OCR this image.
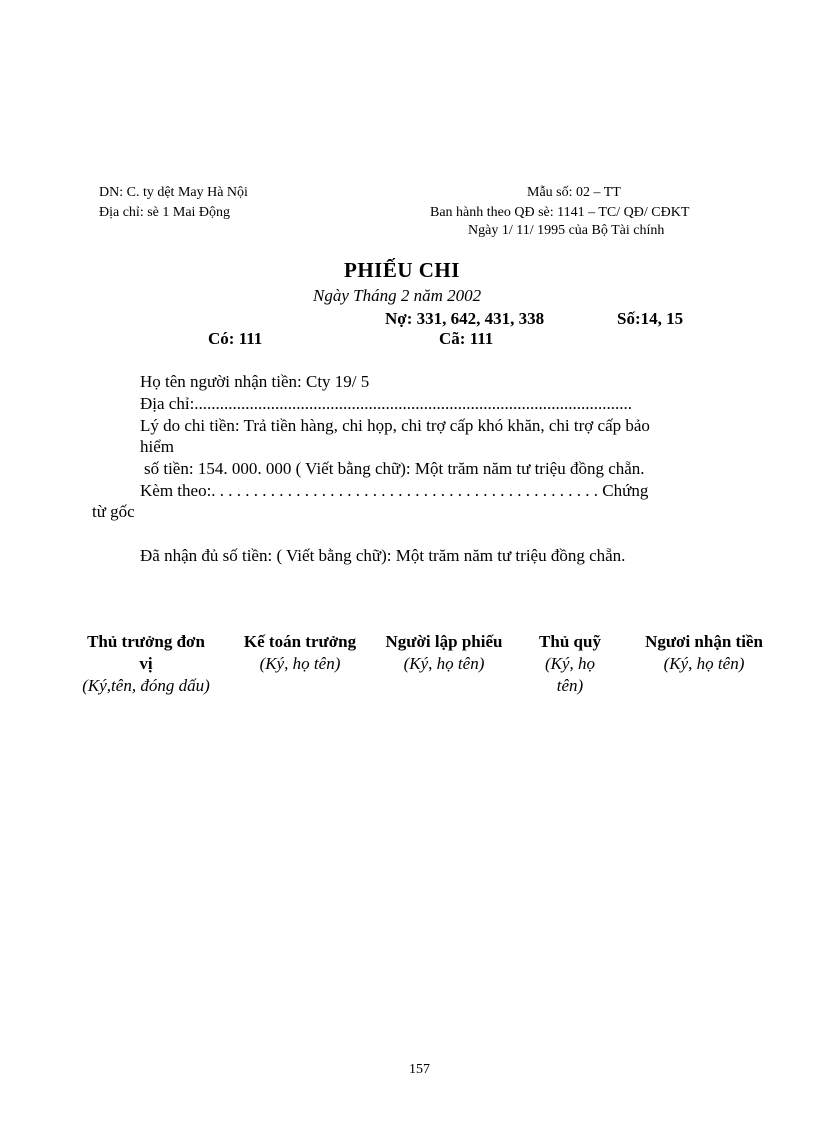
DN: C. ty dệt May Hà Nội
Địa chỉ: sè 1 Mai Động
Mẫu số: 02 – TT
Ban hành theo QĐ sè: 1141 – TC/ QĐ/ CĐKT
Ngày 1/ 11/ 1995 của Bộ Tài chính
PHIẾU CHI
Ngày Tháng 2 năm 2002
Nợ: 331, 642, 431, 338	Số:14, 15
Có: 111	Cã: 111
Họ tên người nhận tiền: Cty 19/ 5
Địa chỉ:.......................................................................................................
Lý do chi tiền: Trả tiền hàng, chi họp, chi trợ cấp khó khăn, chi trợ cấp bảo
hiểm
số tiền: 154. 000. 000 ( Viết bằng chữ): Một trăm năm tư triệu đồng chẵn.
Kèm theo:. . . . . . . . . . . . . . . . . . . . . . . . . . . . . . . . . . . . . . . . . . . . . . Chứng
từ gốc
Đã nhận đủ số tiền: ( Viết bằng chữ): Một trăm năm tư triệu đồng chẵn.
Thủ trưởng đơn
vị
(Ký,tên, đóng dấu)
Kế toán trưởng
(Ký, họ tên)
Người lập phiếu
(Ký, họ tên)
Thủ quỹ
(Ký, họ
tên)
Ngươi nhận tiền
(Ký, họ tên)
157
